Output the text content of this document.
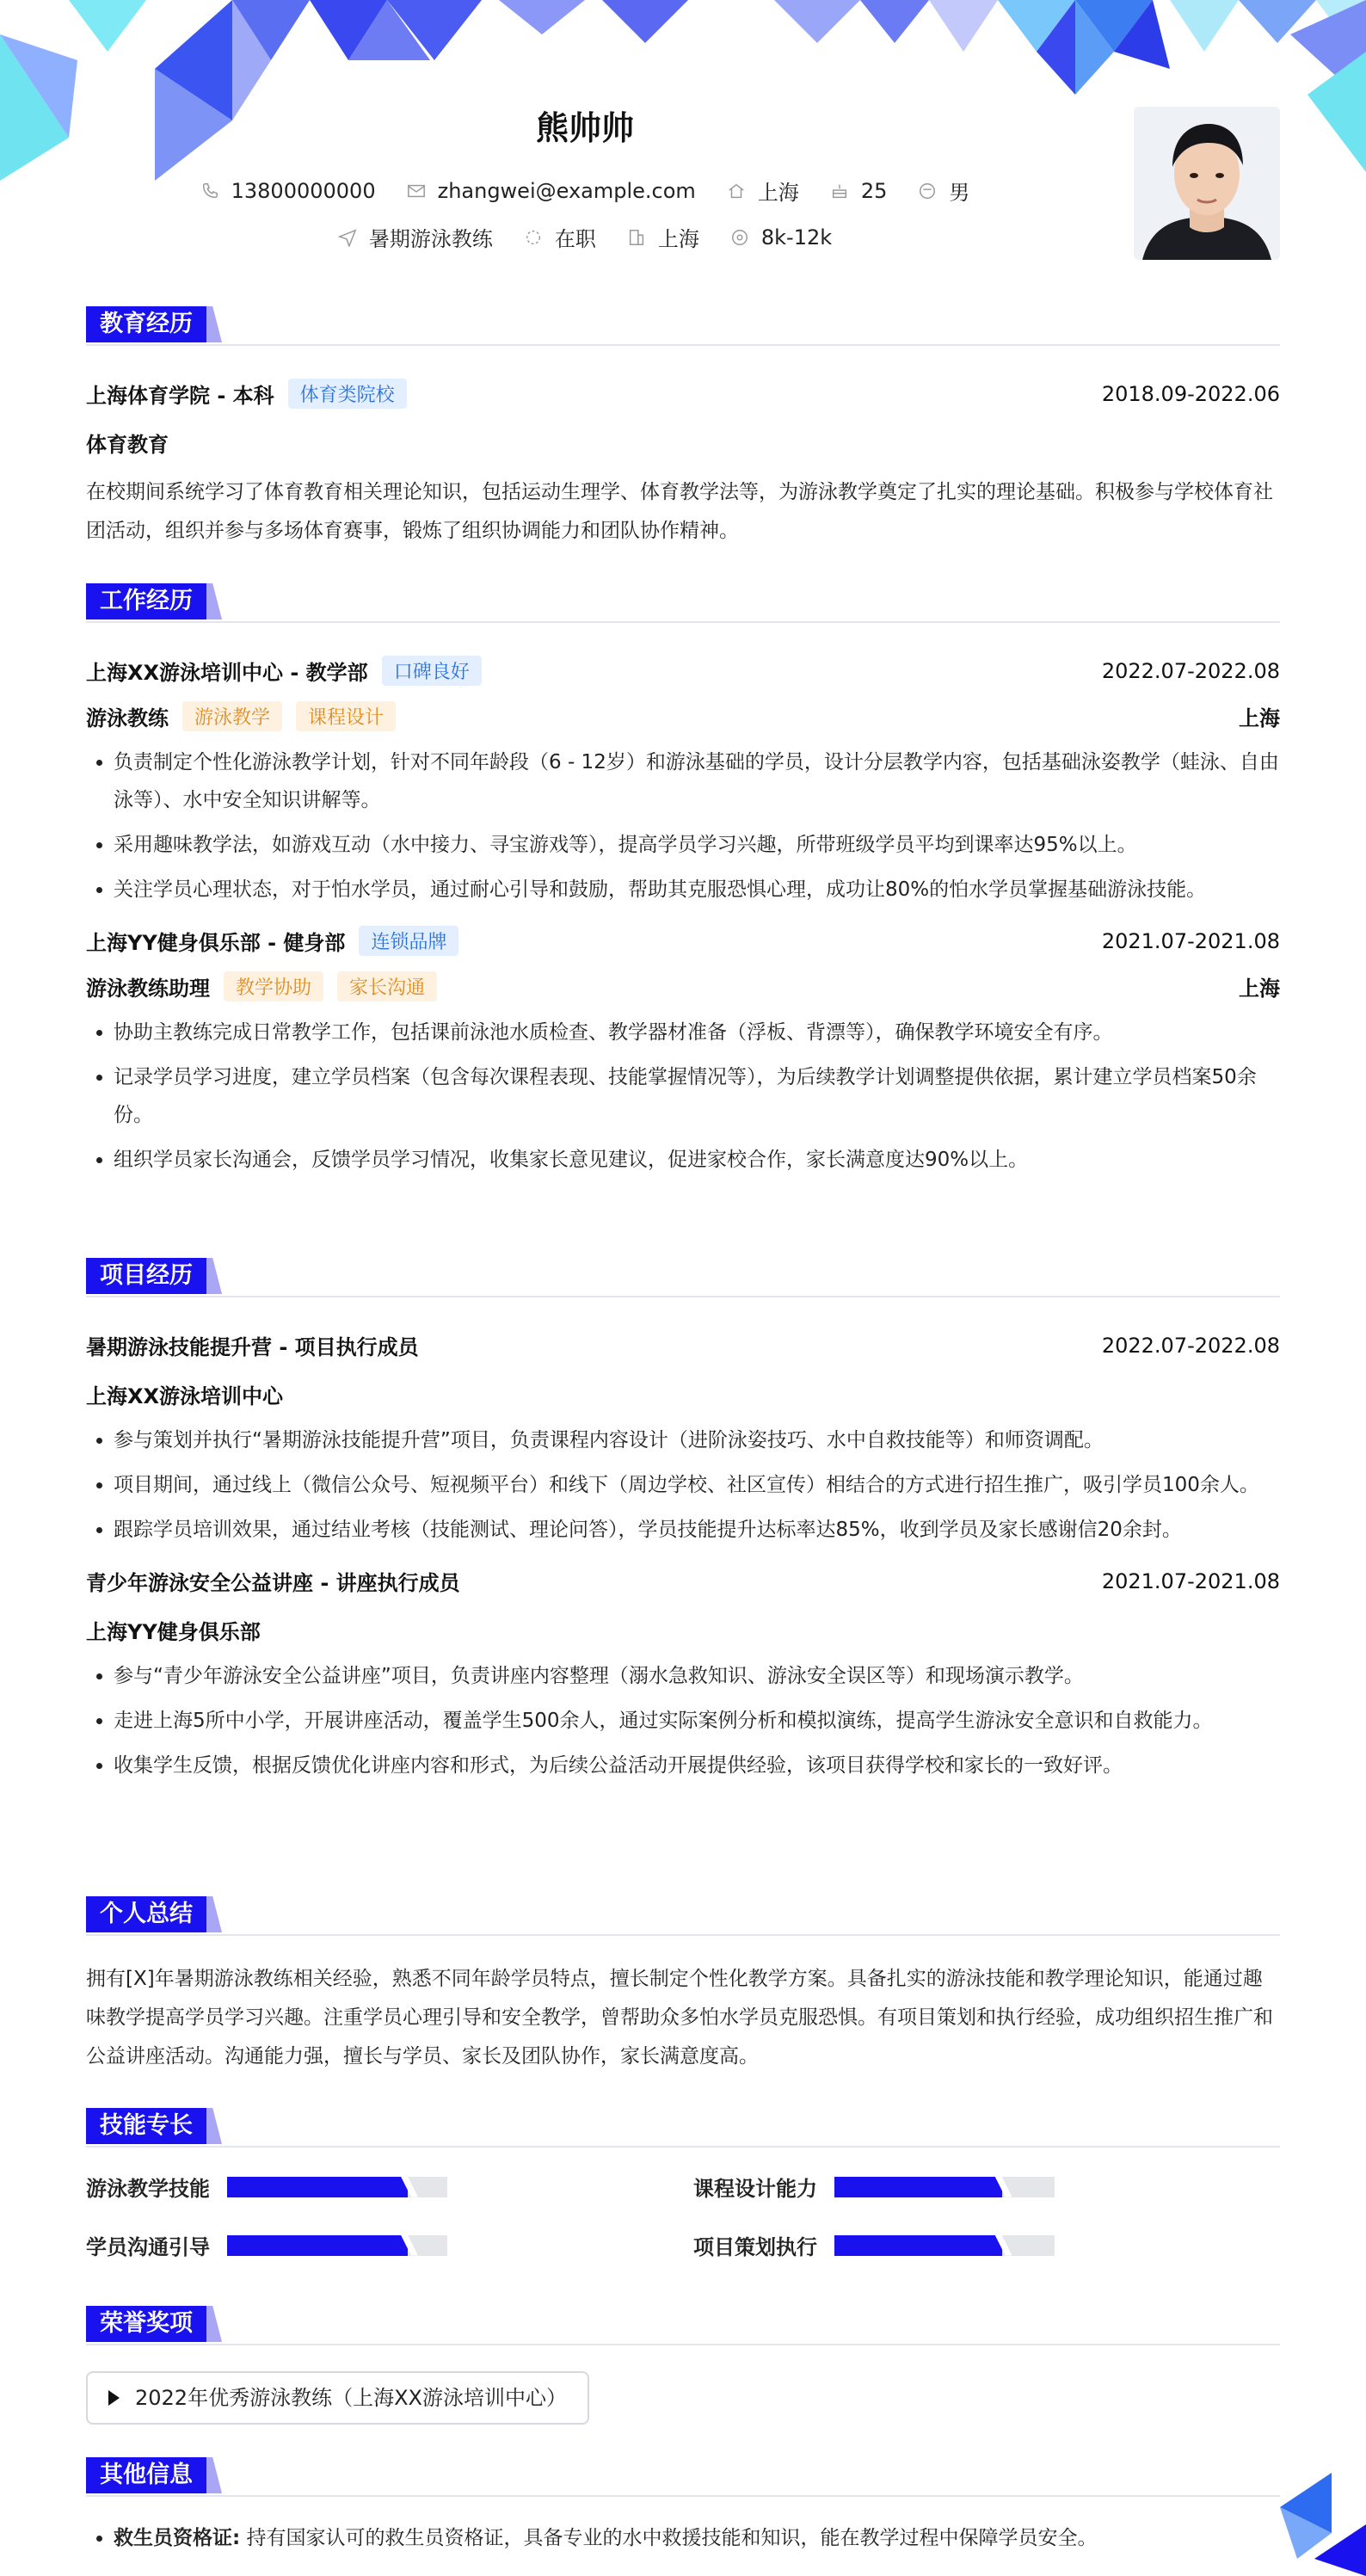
熊帅帅
13800000000	zhangwei@example.com	上海	25	男
暑期游泳教练	在职	上海	8k-12k
教育经历
上海体育学院 - 本科	体育类院校	2018.09-2022.06
体育教育
在校期间系统学习了体育教育相关理论知识，包括运动生理学、体育教学法等，为游泳教学奠定了扎实的理论基础。积极参与学校体育社团活动，组织并参与多场体育赛事，锻炼了组织协调能力和团队协作精神。
工作经历
上海XX游泳培训中心 - 教学部	口碑良好	2022.07-2022.08
游泳教练	游泳教学	课程设计	上海
• 负责制定个性化游泳教学计划，针对不同年龄段（6 - 12岁）和游泳基础的学员，设计分层教学内容，包括基础泳姿教学（蛙泳、自由泳等）、水中安全知识讲解等。
• 采用趣味教学法，如游戏互动（水中接力、寻宝游戏等），提高学员学习兴趣，所带班级学员平均到课率达95%以上。
• 关注学员心理状态，对于怕水学员，通过耐心引导和鼓励，帮助其克服恐惧心理，成功让80%的怕水学员掌握基础游泳技能。
上海YY健身俱乐部 - 健身部	连锁品牌	2021.07-2021.08
游泳教练助理	教学协助	家长沟通	上海
• 协助主教练完成日常教学工作，包括课前泳池水质检查、教学器材准备（浮板、背漂等），确保教学环境安全有序。
• 记录学员学习进度，建立学员档案（包含每次课程表现、技能掌握情况等），为后续教学计划调整提供依据，累计建立学员档案50余份。
• 组织学员家长沟通会，反馈学员学习情况，收集家长意见建议，促进家校合作，家长满意度达90%以上。
项目经历
暑期游泳技能提升营 - 项目执行成员	2022.07-2022.08
上海XX游泳培训中心
• 参与策划并执行“暑期游泳技能提升营”项目，负责课程内容设计（进阶泳姿技巧、水中自救技能等）和师资调配。
• 项目期间，通过线上（微信公众号、短视频平台）和线下（周边学校、社区宣传）相结合的方式进行招生推广，吸引学员100余人。
• 跟踪学员培训效果，通过结业考核（技能测试、理论问答），学员技能提升达标率达85%，收到学员及家长感谢信20余封。
青少年游泳安全公益讲座 - 讲座执行成员	2021.07-2021.08
上海YY健身俱乐部
• 参与“青少年游泳安全公益讲座”项目，负责讲座内容整理（溺水急救知识、游泳安全误区等）和现场演示教学。
• 走进上海5所中小学，开展讲座活动，覆盖学生500余人，通过实际案例分析和模拟演练，提高学生游泳安全意识和自救能力。
• 收集学生反馈，根据反馈优化讲座内容和形式，为后续公益活动开展提供经验，该项目获得学校和家长的一致好评。
个人总结
拥有[X]年暑期游泳教练相关经验，熟悉不同年龄学员特点，擅长制定个性化教学方案。具备扎实的游泳技能和教学理论知识，能通过趣味教学提高学员学习兴趣。注重学员心理引导和安全教学，曾帮助众多怕水学员克服恐惧。有项目策划和执行经验，成功组织招生推广和公益讲座活动。沟通能力强，擅长与学员、家长及团队协作，家长满意度高。
技能专长
游泳教学技能	课程设计能力
学员沟通引导	项目策划执行
荣誉奖项
2022年优秀游泳教练（上海XX游泳培训中心）
其他信息
• 救生员资格证: 持有国家认可的救生员资格证，具备专业的水中救援技能和知识，能在教学过程中保障学员安全。
